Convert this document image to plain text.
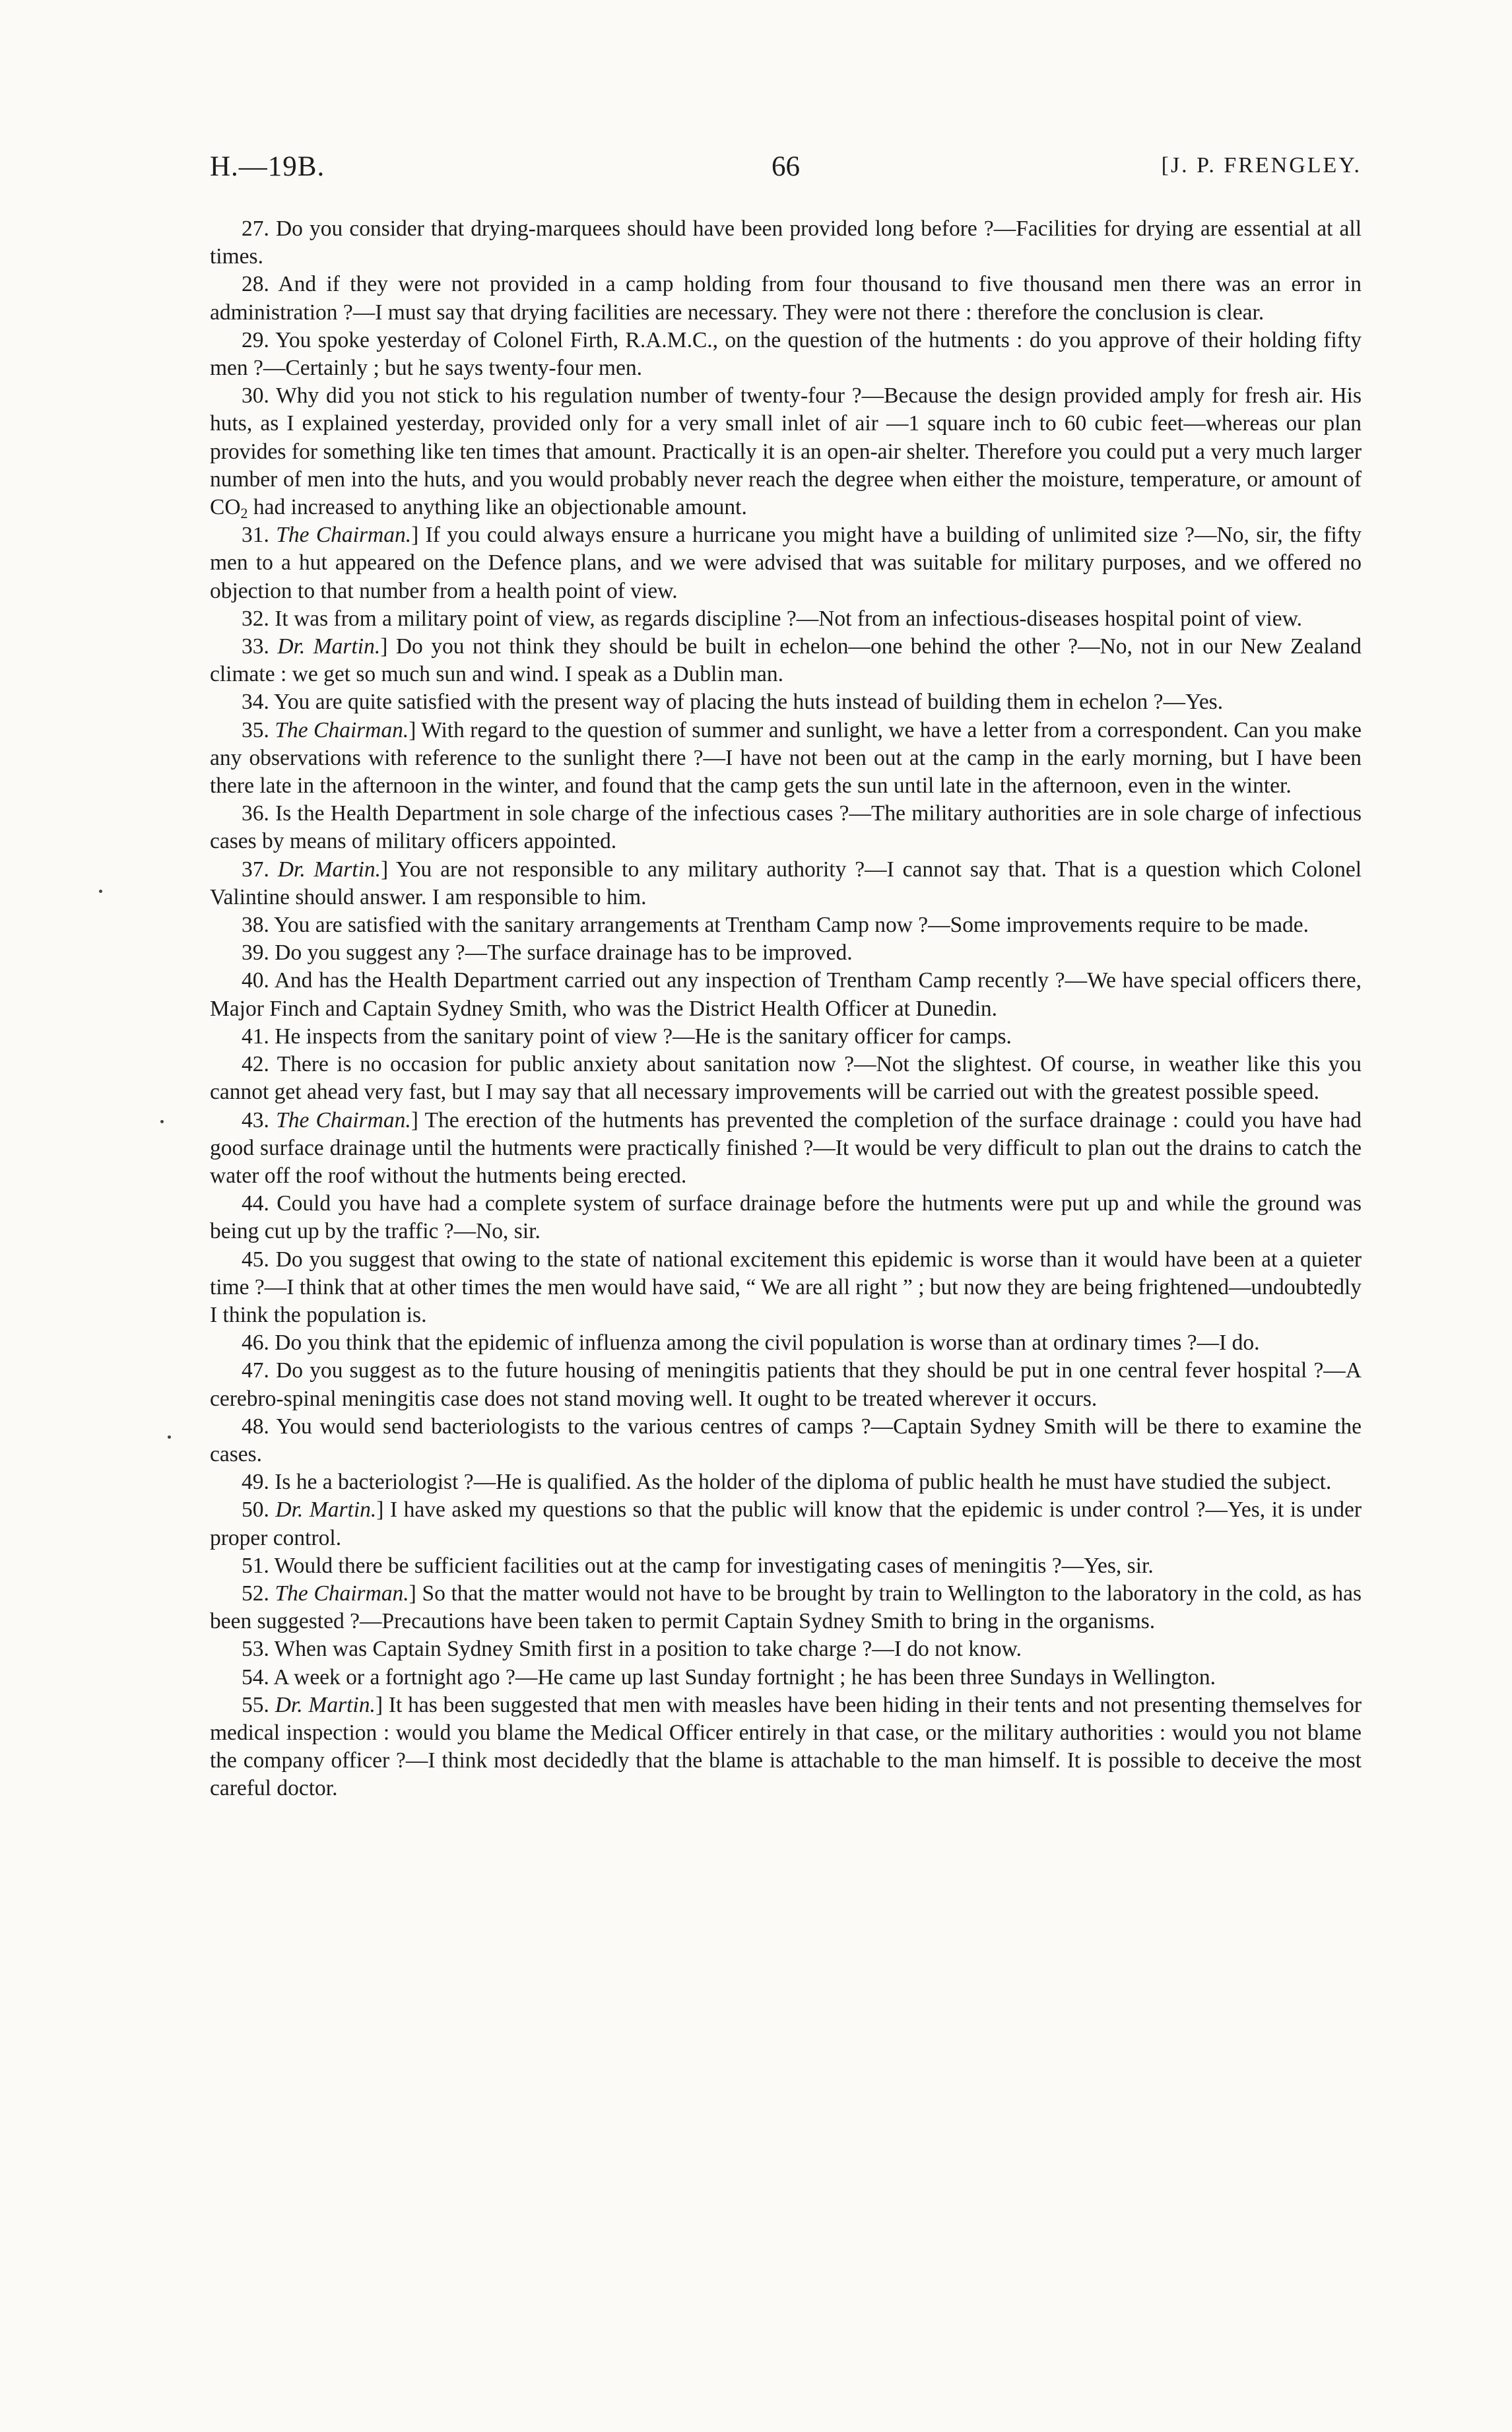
H.—19B.	66	[J. P. FRENGLEY.

27. Do you consider that drying-marquees should have been provided long before ?—Facilities for drying are essential at all times.

28. And if they were not provided in a camp holding from four thousand to five thousand men there was an error in administration ?—I must say that drying facilities are necessary. They were not there : therefore the conclusion is clear.

29. You spoke yesterday of Colonel Firth, R.A.M.C., on the question of the hutments : do you approve of their holding fifty men ?—Certainly ; but he says twenty-four men.

30. Why did you not stick to his regulation number of twenty-four ?—Because the design provided amply for fresh air. His huts, as I explained yesterday, provided only for a very small inlet of air —1 square inch to 60 cubic feet—whereas our plan provides for something like ten times that amount. Practically it is an open-air shelter. Therefore you could put a very much larger number of men into the huts, and you would probably never reach the degree when either the moisture, temperature, or amount of $CO_2$ had increased to anything like an objectionable amount.

31. The Chairman.] If you could always ensure a hurricane you might have a building of unlimited size ?—No, sir, the fifty men to a hut appeared on the Defence plans, and we were advised that was suitable for military purposes, and we offered no objection to that number from a health point of view.

32. It was from a military point of view, as regards discipline ?—Not from an infectious-diseases hospital point of view.

33. Dr. Martin.] Do you not think they should be built in echelon—one behind the other ?—No, not in our New Zealand climate : we get so much sun and wind. I speak as a Dublin man.

34. You are quite satisfied with the present way of placing the huts instead of building them in echelon ?—Yes.

35. The Chairman.] With regard to the question of summer and sunlight, we have a letter from a correspondent. Can you make any observations with reference to the sunlight there ?—I have not been out at the camp in the early morning, but I have been there late in the afternoon in the winter, and found that the camp gets the sun until late in the afternoon, even in the winter.

36. Is the Health Department in sole charge of the infectious cases ?—The military authorities are in sole charge of infectious cases by means of military officers appointed.

37. Dr. Martin.] You are not responsible to any military authority ?—I cannot say that. That is a question which Colonel Valintine should answer. I am responsible to him.

38. You are satisfied with the sanitary arrangements at Trentham Camp now ?—Some improvements require to be made.

39. Do you suggest any ?—The surface drainage has to be improved.

40. And has the Health Department carried out any inspection of Trentham Camp recently ?—We have special officers there, Major Finch and Captain Sydney Smith, who was the District Health Officer at Dunedin.

41. He inspects from the sanitary point of view ?—He is the sanitary officer for camps.

42. There is no occasion for public anxiety about sanitation now ?—Not the slightest. Of course, in weather like this you cannot get ahead very fast, but I may say that all necessary improvements will be carried out with the greatest possible speed.

43. The Chairman.] The erection of the hutments has prevented the completion of the surface drainage : could you have had good surface drainage until the hutments were practically finished ?—It would be very difficult to plan out the drains to catch the water off the roof without the hutments being erected.

44. Could you have had a complete system of surface drainage before the hutments were put up and while the ground was being cut up by the traffic ?—No, sir.

45. Do you suggest that owing to the state of national excitement this epidemic is worse than it would have been at a quieter time ?—I think that at other times the men would have said, “ We are all right ” ; but now they are being frightened—undoubtedly I think the population is.

46. Do you think that the epidemic of influenza among the civil population is worse than at ordinary times ?—I do.

47. Do you suggest as to the future housing of meningitis patients that they should be put in one central fever hospital ?—A cerebro-spinal meningitis case does not stand moving well. It ought to be treated wherever it occurs.

48. You would send bacteriologists to the various centres of camps ?—Captain Sydney Smith will be there to examine the cases.

49. Is he a bacteriologist ?—He is qualified. As the holder of the diploma of public health he must have studied the subject.

50. Dr. Martin.] I have asked my questions so that the public will know that the epidemic is under control ?—Yes, it is under proper control.

51. Would there be sufficient facilities out at the camp for investigating cases of meningitis ?—Yes, sir.

52. The Chairman.] So that the matter would not have to be brought by train to Wellington to the laboratory in the cold, as has been suggested ?—Precautions have been taken to permit Captain Sydney Smith to bring in the organisms.

53. When was Captain Sydney Smith first in a position to take charge ?—I do not know.

54. A week or a fortnight ago ?—He came up last Sunday fortnight ; he has been three Sundays in Wellington.

55. Dr. Martin.] It has been suggested that men with measles have been hiding in their tents and not presenting themselves for medical inspection : would you blame the Medical Officer entirely in that case, or the military authorities : would you not blame the company officer ?—I think most decidedly that the blame is attachable to the man himself. It is possible to deceive the most careful doctor.
